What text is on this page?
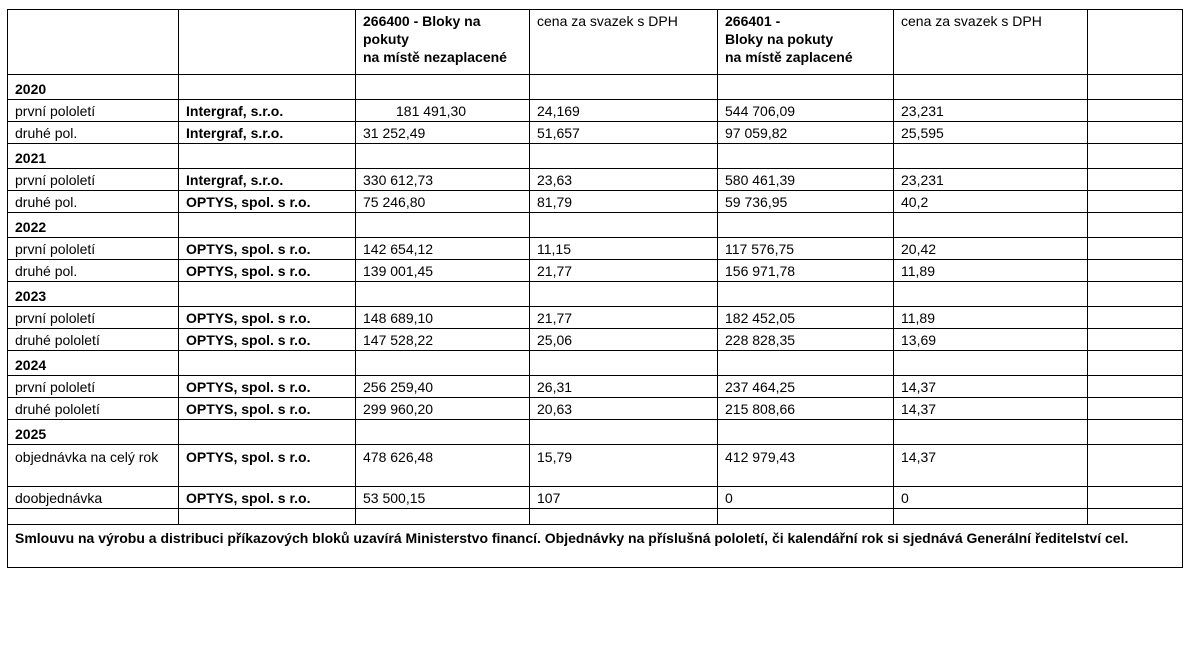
		266400 - Bloky na
pokuty
na místě nezaplacené	cena za svazek s DPH	266401 -
Bloky na pokuty
na místě zaplacené	cena za svazek s DPH	
2020						
první pololetí	Intergraf, s.r.o.	181 491,30	24,169	544 706,09	23,231	
druhé pol.	Intergraf, s.r.o.	31 252,49	51,657	97 059,82	25,595	
2021						
první pololetí	Intergraf, s.r.o.	330 612,73	23,63	580 461,39	23,231	
druhé pol.	OPTYS, spol. s r.o.	75 246,80	81,79	59 736,95	40,2	
2022						
první pololetí	OPTYS, spol. s r.o.	142 654,12	11,15	117 576,75	20,42	
druhé pol.	OPTYS, spol. s r.o.	139 001,45	21,77	156 971,78	11,89	
2023						
první pololetí	OPTYS, spol. s r.o.	148 689,10	21,77	182 452,05	11,89	
druhé pololetí	OPTYS, spol. s r.o.	147 528,22	25,06	228 828,35	13,69	
2024						
první pololetí	OPTYS, spol. s r.o.	256 259,40	26,31	237 464,25	14,37	
druhé pololetí	OPTYS, spol. s r.o.	299 960,20	20,63	215 808,66	14,37	
2025						
objednávka na celý rok	OPTYS, spol. s r.o.	478 626,48	15,79	412 979,43	14,37	
doobjednávka	OPTYS, spol. s r.o.	53 500,15	107	0	0	

Smlouvu na výrobu a distribuci příkazových bloků uzavírá Ministerstvo financí. Objednávky na příslušná pololetí, či kalendářní rok si sjednává Generální ředitelství cel.						
